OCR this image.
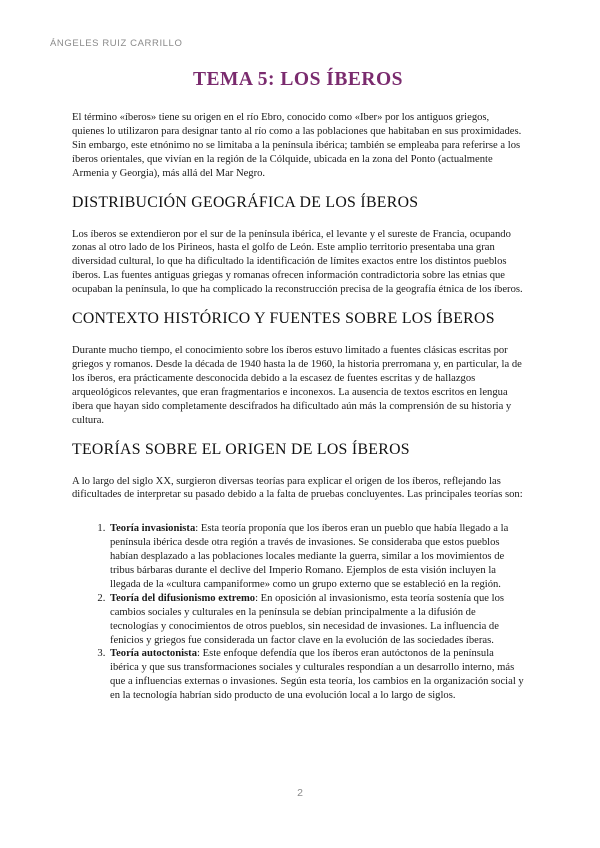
ÁNGELES RUIZ CARRILLO
TEMA 5: LOS ÍBEROS

El término «íberos» tiene su origen en el río Ebro, conocido como «Iber» por los antiguos griegos, quienes lo utilizaron para designar tanto al río como a las poblaciones que habitaban en sus proximidades. Sin embargo, este etnónimo no se limitaba a la península ibérica; también se empleaba para referirse a los íberos orientales, que vivían en la región de la Cólquide, ubicada en la zona del Ponto (actualmente Armenia y Georgia), más allá del Mar Negro.

DISTRIBUCIÓN GEOGRÁFICA DE LOS ÍBEROS

Los íberos se extendieron por el sur de la península ibérica, el levante y el sureste de Francia, ocupando zonas al otro lado de los Pirineos, hasta el golfo de León. Este amplio territorio presentaba una gran diversidad cultural, lo que ha dificultado la identificación de límites exactos entre los distintos pueblos íberos. Las fuentes antiguas griegas y romanas ofrecen información contradictoria sobre las etnias que ocupaban la península, lo que ha complicado la reconstrucción precisa de la geografía étnica de los íberos.

CONTEXTO HISTÓRICO Y FUENTES SOBRE LOS ÍBEROS

Durante mucho tiempo, el conocimiento sobre los íberos estuvo limitado a fuentes clásicas escritas por griegos y romanos. Desde la década de 1940 hasta la de 1960, la historia prerromana y, en particular, la de los íberos, era prácticamente desconocida debido a la escasez de fuentes escritas y de hallazgos arqueológicos relevantes, que eran fragmentarios e inconexos. La ausencia de textos escritos en lengua íbera que hayan sido completamente descifrados ha dificultado aún más la comprensión de su historia y cultura.

TEORÍAS SOBRE EL ORIGEN DE LOS ÍBEROS

A lo largo del siglo XX, surgieron diversas teorías para explicar el origen de los íberos, reflejando las dificultades de interpretar su pasado debido a la falta de pruebas concluyentes. Las principales teorías son:

1. Teoría invasionista: Esta teoría proponía que los íberos eran un pueblo que había llegado a la península ibérica desde otra región a través de invasiones. Se consideraba que estos pueblos habían desplazado a las poblaciones locales mediante la guerra, similar a los movimientos de tribus bárbaras durante el declive del Imperio Romano. Ejemplos de esta visión incluyen la llegada de la «cultura campaniforme» como un grupo externo que se estableció en la región.
2. Teoría del difusionismo extremo: En oposición al invasionismo, esta teoría sostenía que los cambios sociales y culturales en la península se debían principalmente a la difusión de tecnologías y conocimientos de otros pueblos, sin necesidad de invasiones. La influencia de fenicios y griegos fue considerada un factor clave en la evolución de las sociedades íberas.
3. Teoría autoctonista: Este enfoque defendía que los íberos eran autóctonos de la península ibérica y que sus transformaciones sociales y culturales respondían a un desarrollo interno, más que a influencias externas o invasiones. Según esta teoría, los cambios en la organización social y en la tecnología habrían sido producto de una evolución local a lo largo de siglos.
2
